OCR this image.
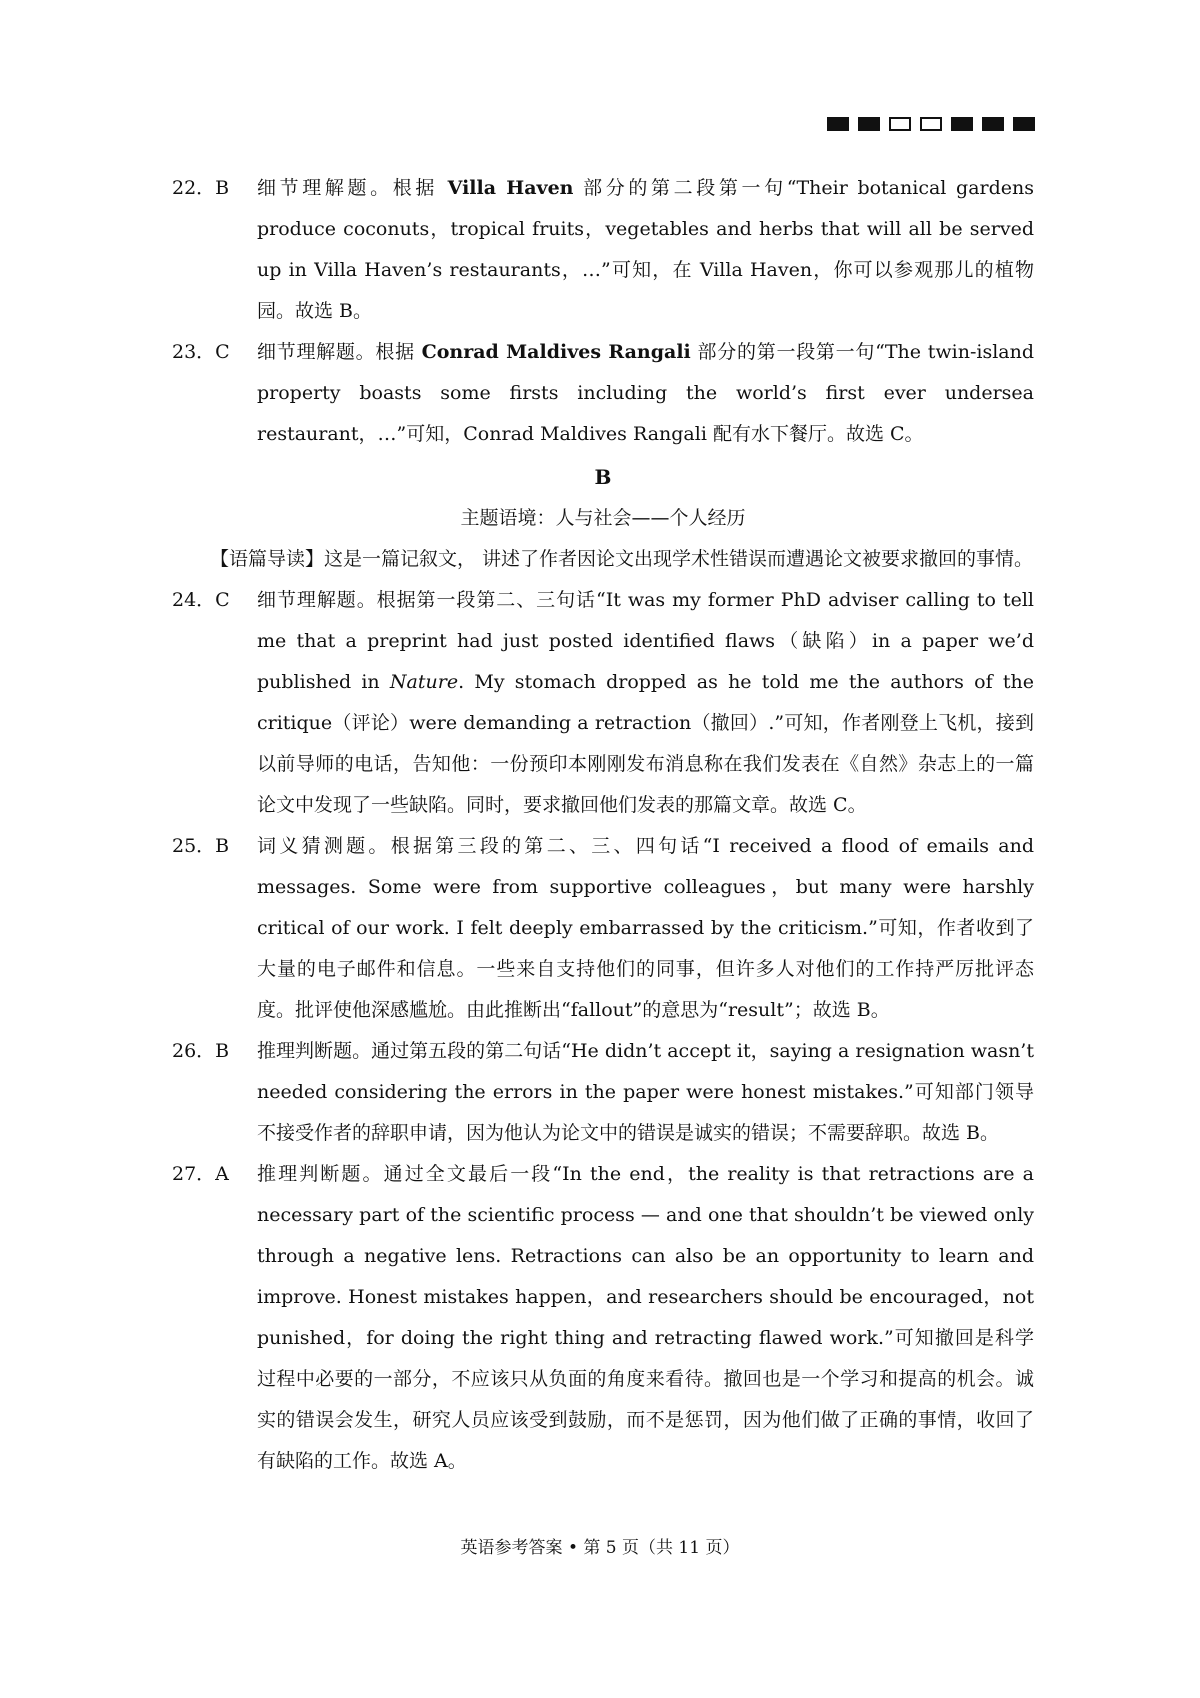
22．B	细节理解题。根据 Villa Haven 部分的第二段第一句“Their botanical gardens produce coconuts，tropical fruits，vegetables and herbs that will all be served up in Villa Haven’s restaurants，…”可知，在 Villa Haven，你可以参观那儿的植物园。故选 B。

23．C	细节理解题。根据 Conrad Maldives Rangali 部分的第一段第一句“The twin-island property boasts some firsts including the world’s first ever undersea restaurant，…”可知，Conrad Maldives Rangali 配有水下餐厅。故选 C。

B

主题语境：人与社会——个人经历

【语篇导读】这是一篇记叙文， 讲述了作者因论文出现学术性错误而遭遇论文被要求撤回的事情。

24．C	细节理解题。根据第一段第二、三句话“It was my former PhD adviser calling to tell me that a preprint had just posted identified flaws（缺陷）in a paper we’d published in Nature. My stomach dropped as he told me the authors of the critique（评论）were demanding a retraction（撤回）.”可知，作者刚登上飞机，接到以前导师的电话，告知他：一份预印本刚刚发布消息称在我们发表在《自然》杂志上的一篇论文中发现了一些缺陷。同时，要求撤回他们发表的那篇文章。故选 C。

25．B	词义猜测题。根据第三段的第二、三、四句话“I received a flood of emails and messages. Some were from supportive colleagues，but many were harshly critical of our work. I felt deeply embarrassed by the criticism.”可知，作者收到了大量的电子邮件和信息。一些来自支持他们的同事，但许多人对他们的工作持严厉批评态度。批评使他深感尴尬。由此推断出“fallout”的意思为“result”；故选 B。

26．B	推理判断题。通过第五段的第二句话“He didn’t accept it，saying a resignation wasn’t needed considering the errors in the paper were honest mistakes.”可知部门领导不接受作者的辞职申请，因为他认为论文中的错误是诚实的错误；不需要辞职。故选 B。

27．A	推理判断题。通过全文最后一段“In the end，the reality is that retractions are a necessary part of the scientific process — and one that shouldn’t be viewed only through a negative lens. Retractions can also be an opportunity to learn and improve. Honest mistakes happen，and researchers should be encouraged，not punished，for doing the right thing and retracting flawed work.”可知撤回是科学过程中必要的一部分，不应该只从负面的角度来看待。撤回也是一个学习和提高的机会。诚实的错误会发生，研究人员应该受到鼓励，而不是惩罚，因为他们做了正确的事情，收回了有缺陷的工作。故选 A。

英语参考答案 • 第 5 页（共 11 页）
